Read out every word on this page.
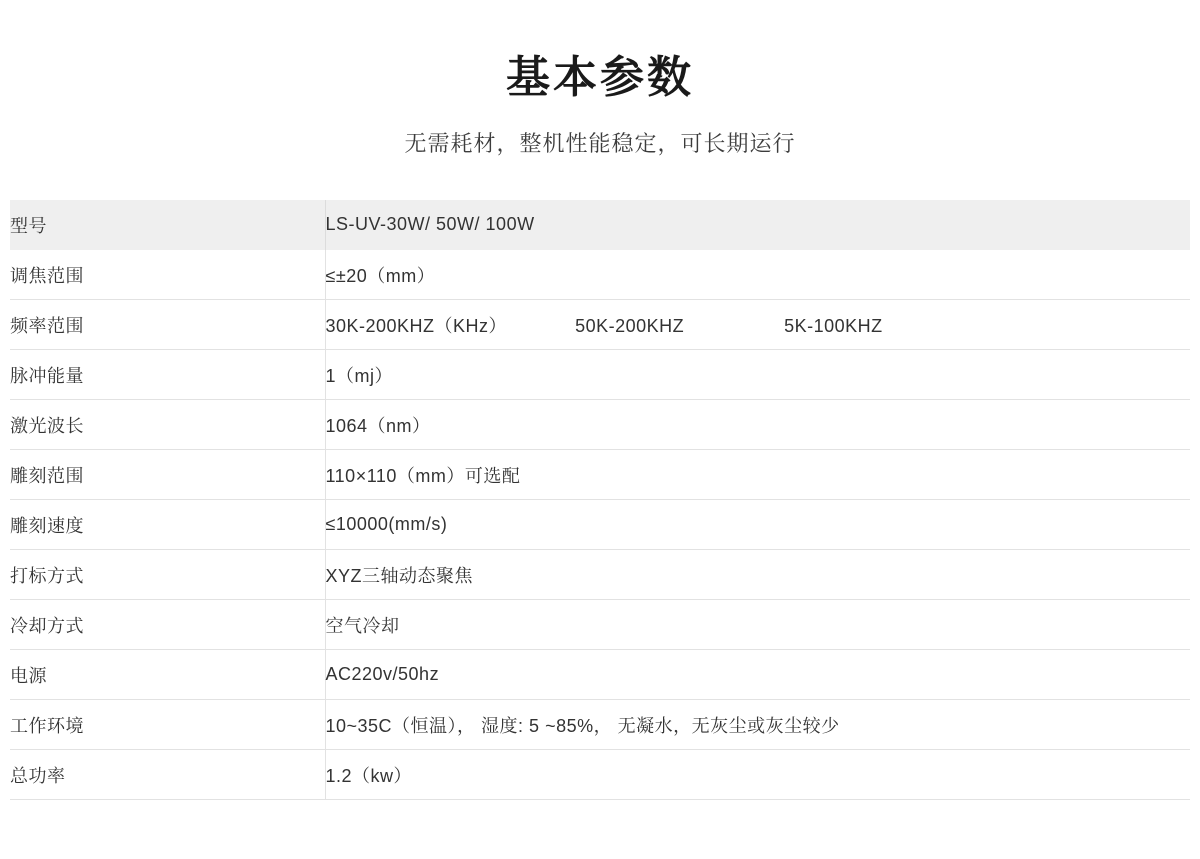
基本参数

无需耗材，整机性能稳定，可长期运行

型号	LS-UV-30W/ 50W/ 100W
调焦范围	≤±20（mm）
频率范围	30K-200KHZ（KHz） 50K-200KHZ 5K-100KHZ
脉冲能量	1（mj）
激光波长	1064（nm）
雕刻范围	110×110（mm）可选配
雕刻速度	≤10000(mm/s)
打标方式	XYZ三轴动态聚焦
冷却方式	空气冷却
电源	AC220v/50hz
工作环境	10~35C（恒温）， 湿度: 5 ~85%， 无凝水，无灰尘或灰尘较少
总功率	1.2（kw）
